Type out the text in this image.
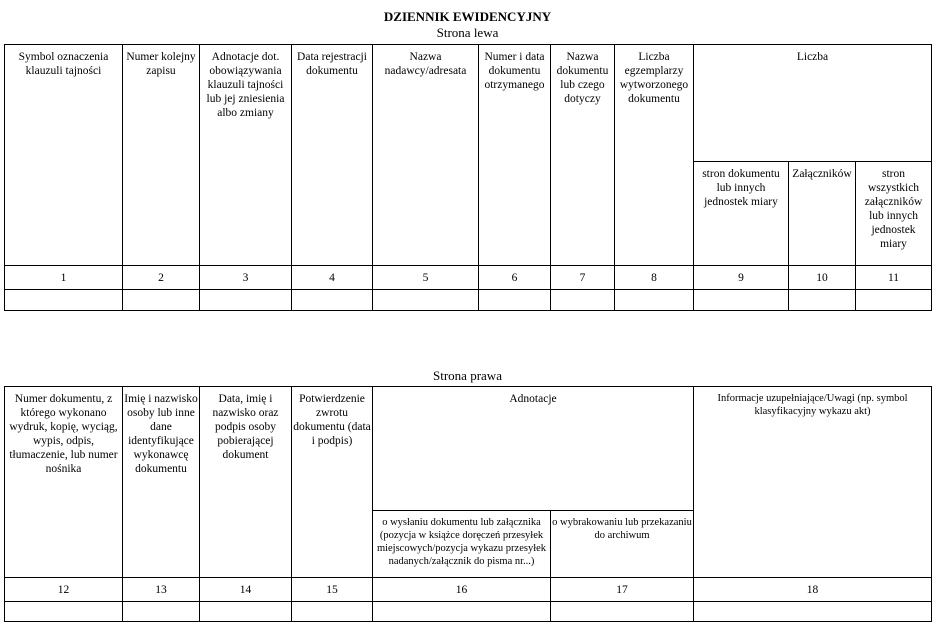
DZIENNIK EWIDENCYJNY
Strona lewa
Symbol oznaczenia klauzuli tajności	Numer kolejny zapisu	Adnotacje dot. obowiązywania klauzuli tajności lub jej zniesienia albo zmiany	Data rejestracji dokumentu	Nazwa nadawcy/adresata	Numer i data dokumentu otrzymanego	Nazwa dokumentu lub czego dotyczy	Liczba egzemplarzy wytworzonego dokumentu	Liczba		
								stron dokumentu lub innych jednostek miary	Załączników	stron wszystkich załączników lub innych jednostek miary
1	2	3	4	5	6	7	8	9	10	11

Strona prawa
Numer dokumentu, z którego wykonano wydruk, kopię, wyciąg, wypis, odpis, tłumaczenie, lub numer nośnika	Imię i nazwisko osoby lub inne dane identyfikujące wykonawcę dokumentu	Data, imię i nazwisko oraz podpis osoby pobierającej dokument	Potwierdzenie zwrotu dokumentu (data i podpis)	Adnotacje		Informacje uzupełniające/Uwagi (np. symbol klasyfikacyjny wykazu akt)
				o wysłaniu dokumentu lub załącznika (pozycja w książce doręczeń przesyłek miejscowych/pozycja wykazu przesyłek nadanych/załącznik do pisma nr...)	o wybrakowaniu lub przekazaniu do archiwum	
12	13	14	15	16	17	18
